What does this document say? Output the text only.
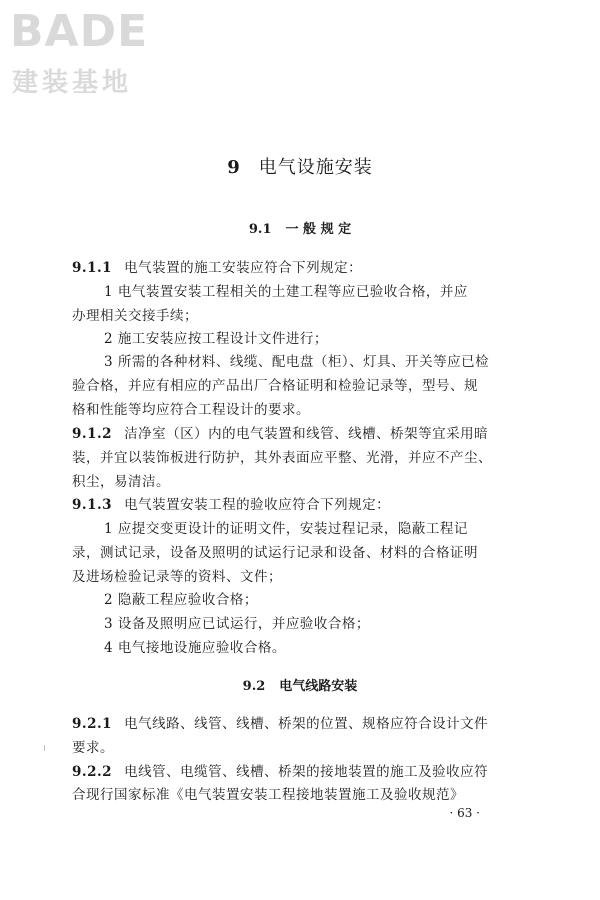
BADE
建装基地
9 电气设施安装
9.1 一 般 规 定
9.2 电气线路安装
9.1.1 电气装置的施工安装应符合下列规定：
1 电气装置安装工程相关的土建工程等应已验收合格，并应
办理相关交接手续；
2 施工安装应按工程设计文件进行；
3 所需的各种材料、线缆、配电盘（柜）、灯具、开关等应已检
验合格，并应有相应的产品出厂合格证明和检验记录等，型号、规
格和性能等均应符合工程设计的要求。
9.1.2 洁净室（区）内的电气装置和线管、线槽、桥架等宜采用暗
装，并宜以装饰板进行防护，其外表面应平整、光滑，并应不产尘、
积尘，易清洁。
9.1.3 电气装置安装工程的验收应符合下列规定：
1 应提交变更设计的证明文件，安装过程记录，隐蔽工程记
录，测试记录，设备及照明的试运行记录和设备、材料的合格证明
及进场检验记录等的资料、文件；
2 隐蔽工程应验收合格；
3 设备及照明应已试运行，并应验收合格；
4 电气接地设施应验收合格。
9.2.1 电气线路、线管、线槽、桥架的位置、规格应符合设计文件
要求。
9.2.2 电线管、电缆管、线槽、桥架的接地装置的施工及验收应符
合现行国家标准《电气装置安装工程接地装置施工及验收规范》
· 63 ·
